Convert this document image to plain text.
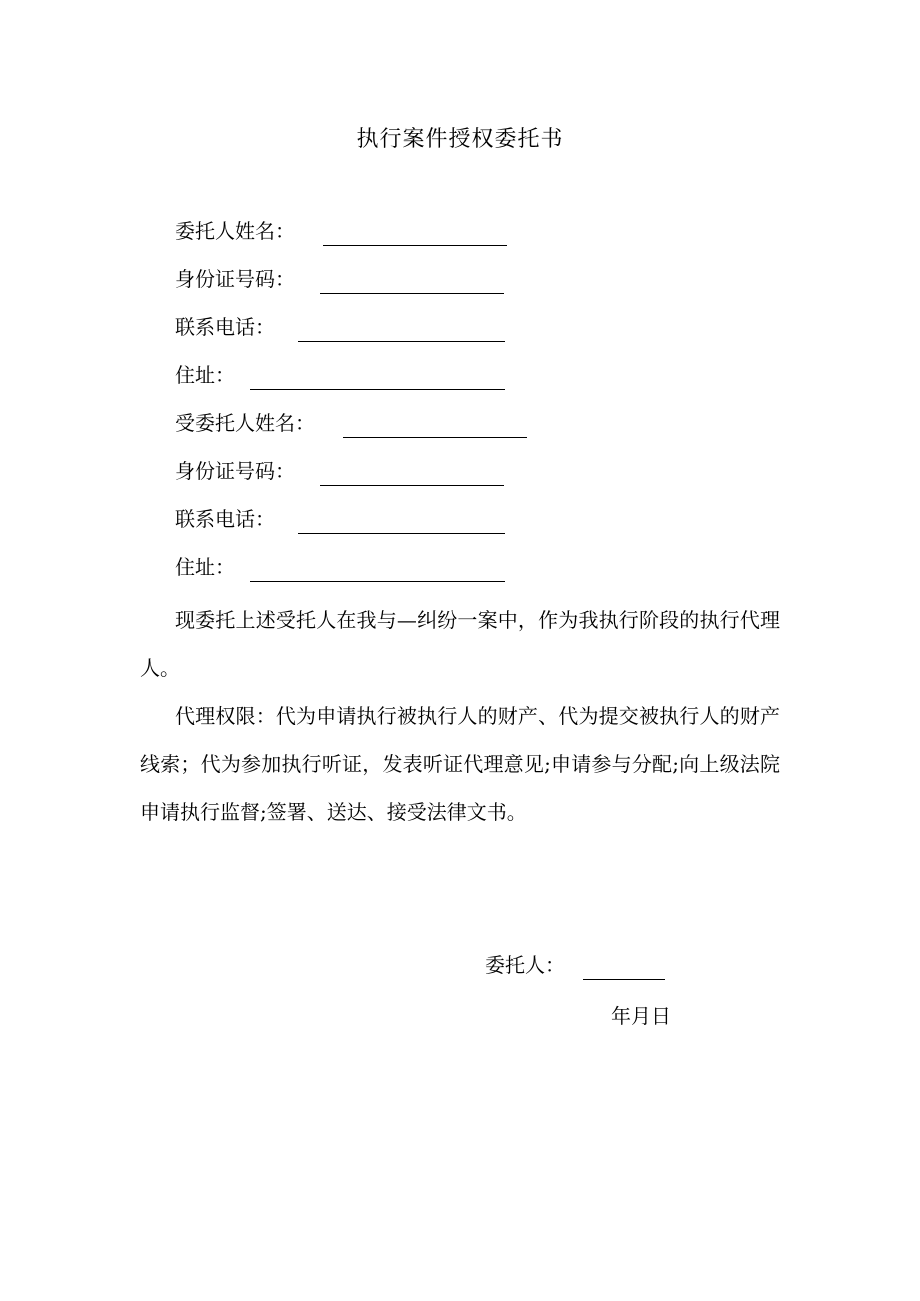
执行案件授权委托书
委托人姓名：
身份证号码：
联系电话：
住址：
受委托人姓名：
身份证号码：
联系电话：
住址：
现委托上述受托人在我与—纠纷一案中，作为我执行阶段的执行代理人。
代理权限：代为申请执行被执行人的财产、代为提交被执行人的财产线索；代为参加执行听证，发表听证代理意见;申请参与分配;向上级法院申请执行监督;签署、送达、接受法律文书。
委托人：
年月日
